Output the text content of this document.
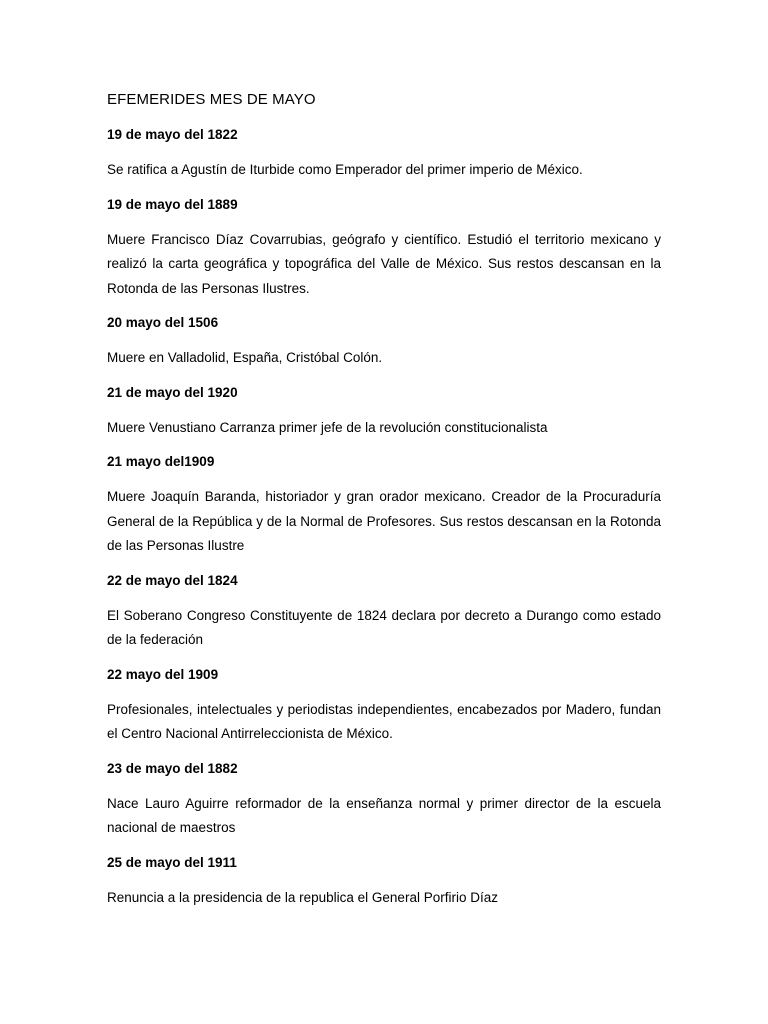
EFEMERIDES MES DE MAYO

19 de mayo del 1822

Se ratifica a Agustín de Iturbide como Emperador del primer imperio de México.

19 de mayo del 1889

Muere Francisco Díaz Covarrubias, geógrafo y científico. Estudió el territorio mexicano y realizó la carta geográfica y topográfica del Valle de México. Sus restos descansan en la Rotonda de las Personas Ilustres.

20 mayo del 1506

Muere en Valladolid, España, Cristóbal Colón.

21 de mayo del 1920

Muere Venustiano Carranza primer jefe de la revolución constitucionalista

21 mayo del1909

Muere Joaquín Baranda, historiador y gran orador mexicano. Creador de la Procuraduría General de la República y de la Normal de Profesores. Sus restos descansan en la Rotonda de las Personas Ilustre

22 de mayo del 1824

El Soberano Congreso Constituyente de 1824 declara por decreto a Durango como estado de la federación

22 mayo del 1909

Profesionales, intelectuales y periodistas independientes, encabezados por Madero, fundan el Centro Nacional Antirreleccionista de México.

23 de mayo del 1882

Nace Lauro Aguirre reformador de la enseñanza normal y primer director de la escuela nacional de maestros

25 de mayo del 1911

Renuncia a la presidencia de la republica el General Porfirio Díaz
